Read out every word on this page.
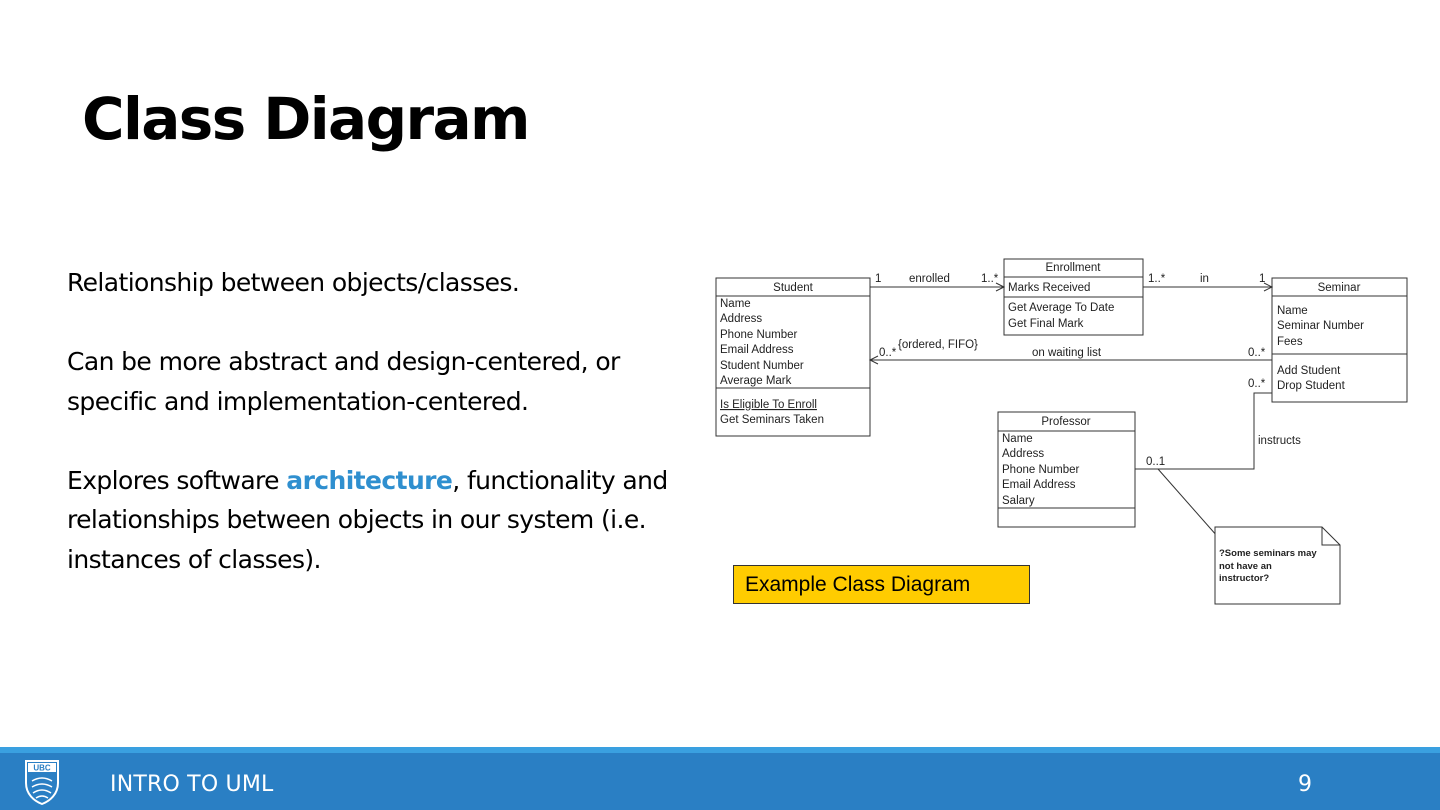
Class Diagram

Relationship between objects/classes.

Can be more abstract and design-centered, or specific and implementation-centered.

Explores software architecture, functionality and relationships between objects in our system (i.e. instances of classes).

Student
Name
Address
Phone Number
Email Address
Student Number
Average Mark
Is Eligible To Enroll
Get Seminars Taken
Enrollment
Marks Received
Get Average To Date
Get Final Mark
Seminar
Name
Seminar Number
Fees
Add Student
Drop Student
Professor
Name
Address
Phone Number
Email Address
Salary
1 enrolled	1..*	1..*	in	1
0..*
{ordered, FIFO}
on waiting list	0..*
0..*
instructs
0..1
?Some seminars may
not have an
instructor?
Example Class Diagram
UBC
INTRO TO UML	9
